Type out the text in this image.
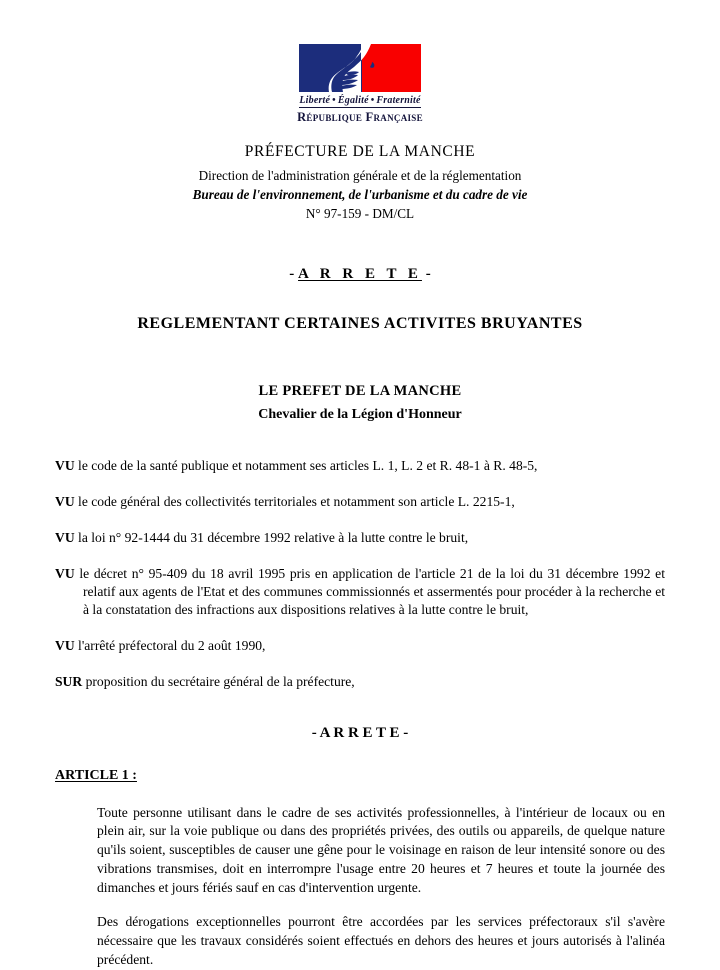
Liberté • Égalité • Fraternité
République Française
PRÉFECTURE DE LA MANCHE
Direction de l'administration générale et de la réglementation
Bureau de l'environnement, de l'urbanisme et du cadre de vie
N° 97-159 - DM/CL
- A R R E T E -
REGLEMENTANT CERTAINES ACTIVITES BRUYANTES
LE PREFET DE LA MANCHE
Chevalier de la Légion d'Honneur
VU le code de la santé publique et notamment ses articles L. 1, L. 2 et R. 48-1 à R. 48-5,
VU le code général des collectivités territoriales et notamment son article L. 2215-1,
VU la loi n° 92-1444 du 31 décembre 1992 relative à la lutte contre le bruit,
VU le décret n° 95-409 du 18 avril 1995 pris en application de l'article 21 de la loi du 31 décembre 1992 et relatif aux agents de l'Etat et des communes commissionnés et assermentés pour procéder à la recherche et à la constatation des infractions aux dispositions relatives à la lutte contre le bruit,
VU l'arrêté préfectoral du 2 août 1990,
SUR proposition du secrétaire général de la préfecture,
- A R R E T E -
ARTICLE 1 :
Toute personne utilisant dans le cadre de ses activités professionnelles, à l'intérieur de locaux ou en plein air, sur la voie publique ou dans des propriétés privées, des outils ou appareils, de quelque nature qu'ils soient, susceptibles de causer une gêne pour le voisinage en raison de leur intensité sonore ou des vibrations transmises, doit en interrompre l'usage entre 20 heures et 7 heures et toute la journée des dimanches et jours fériés sauf en cas d'intervention urgente.
Des dérogations exceptionnelles pourront être accordées par les services préfectoraux s'il s'avère nécessaire que les travaux considérés soient effectués en dehors des heures et jours autorisés à l'alinéa précédent.
